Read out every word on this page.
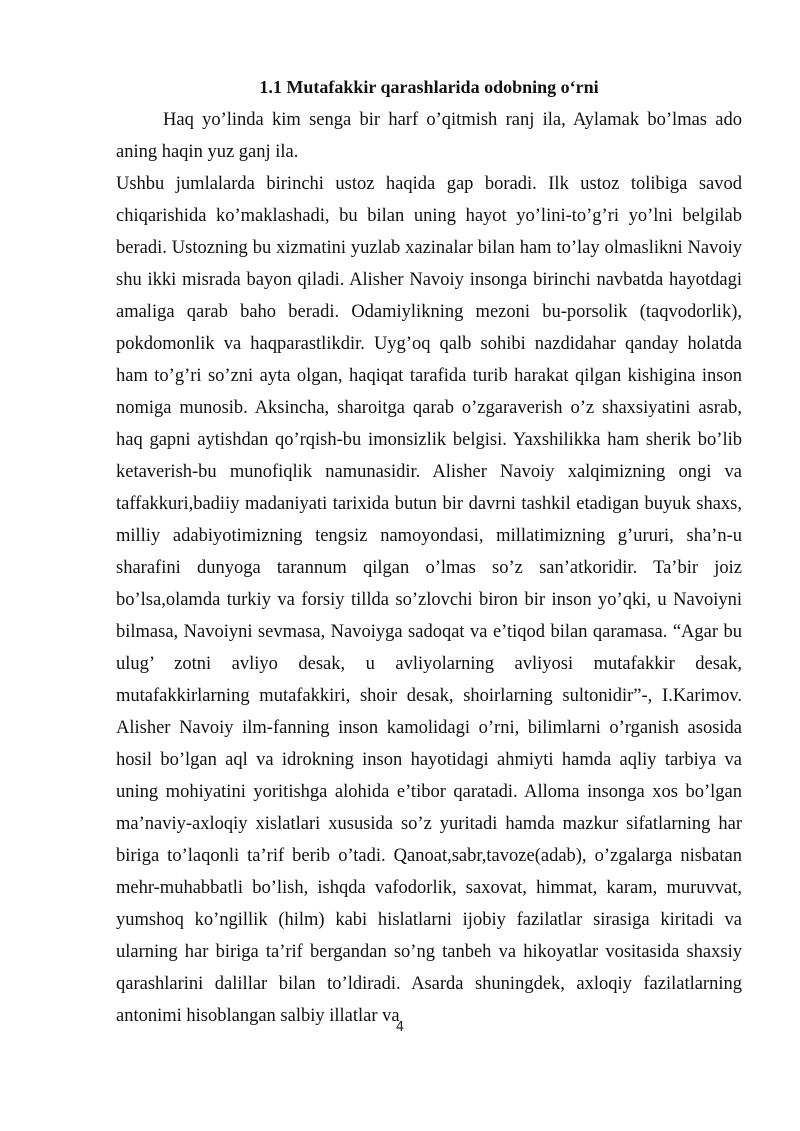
1.1 Mutafakkir qarashlarida odobning oʻrni

Haq yo’linda kim senga bir harf o’qitmish ranj ila, Aylamak bo’lmas ado aning haqin yuz ganj ila.

Ushbu jumlalarda birinchi ustoz haqida gap boradi. Ilk ustoz tolibiga savod chiqarishida ko’maklashadi, bu bilan uning hayot yo’lini-to’g’ri yo’lni belgilab beradi. Ustozning bu xizmatini yuzlab xazinalar bilan ham to’lay olmaslikni Navoiy shu ikki misrada bayon qiladi. Alisher Navoiy insonga birinchi navbatda hayotdagi amaliga qarab baho beradi. Odamiylikning mezoni bu-porsolik (taqvodorlik), pokdomonlik va haqparastlikdir. Uyg’oq qalb sohibi nazdidahar qanday holatda ham to’g’ri so’zni ayta olgan, haqiqat tarafida turib harakat qilgan kishigina inson nomiga munosib. Aksincha, sharoitga qarab o’zgaraverish o’z shaxsiyatini asrab, haq gapni aytishdan qo’rqish-bu imonsizlik belgisi. Yaxshilikka ham sherik bo’lib ketaverish-bu munofiqlik namunasidir. Alisher Navoiy xalqimizning ongi va taffakkuri,badiiy madaniyati tarixida butun bir davrni tashkil etadigan buyuk shaxs, milliy adabiyotimizning tengsiz namoyondasi, millatimizning g’ururi, sha’n-u sharafini dunyoga tarannum qilgan o’lmas so’z san’atkoridir. Ta’bir joiz bo’lsa,olamda turkiy va forsiy tillda so’zlovchi biron bir inson yo’qki, u Navoiyni bilmasa, Navoiyni sevmasa, Navoiyga sadoqat va e’tiqod bilan qaramasa. “Agar bu ulug’ zotni avliyo desak, u avliyolarning avliyosi mutafakkir desak, mutafakkirlarning mutafakkiri, shoir desak, shoirlarning sultonidir”-, I.Karimov. Alisher Navoiy ilm-fanning inson kamolidagi o’rni, bilimlarni o’rganish asosida hosil bo’lgan aql va idrokning inson hayotidagi ahmiyti hamda aqliy tarbiya va uning mohiyatini yoritishga alohida e’tibor qaratadi. Alloma insonga xos bo’lgan ma’naviy-axloqiy xislatlari xususida so’z yuritadi hamda mazkur sifatlarning har biriga to’laqonli ta’rif berib o’tadi. Qanoat,sabr,tavoze(adab), o’zgalarga nisbatan mehr-muhabbatli bo’lish, ishqda vafodorlik, saxovat, himmat, karam, muruvvat, yumshoq ko’ngillik (hilm) kabi hislatlarni ijobiy fazilatlar sirasiga kiritadi va ularning har biriga ta’rif bergandan so’ng tanbeh va hikoyatlar vositasida shaxsiy qarashlarini dalillar bilan to’ldiradi. Asarda shuningdek, axloqiy fazilatlarning antonimi hisoblangan salbiy illatlar va

4
